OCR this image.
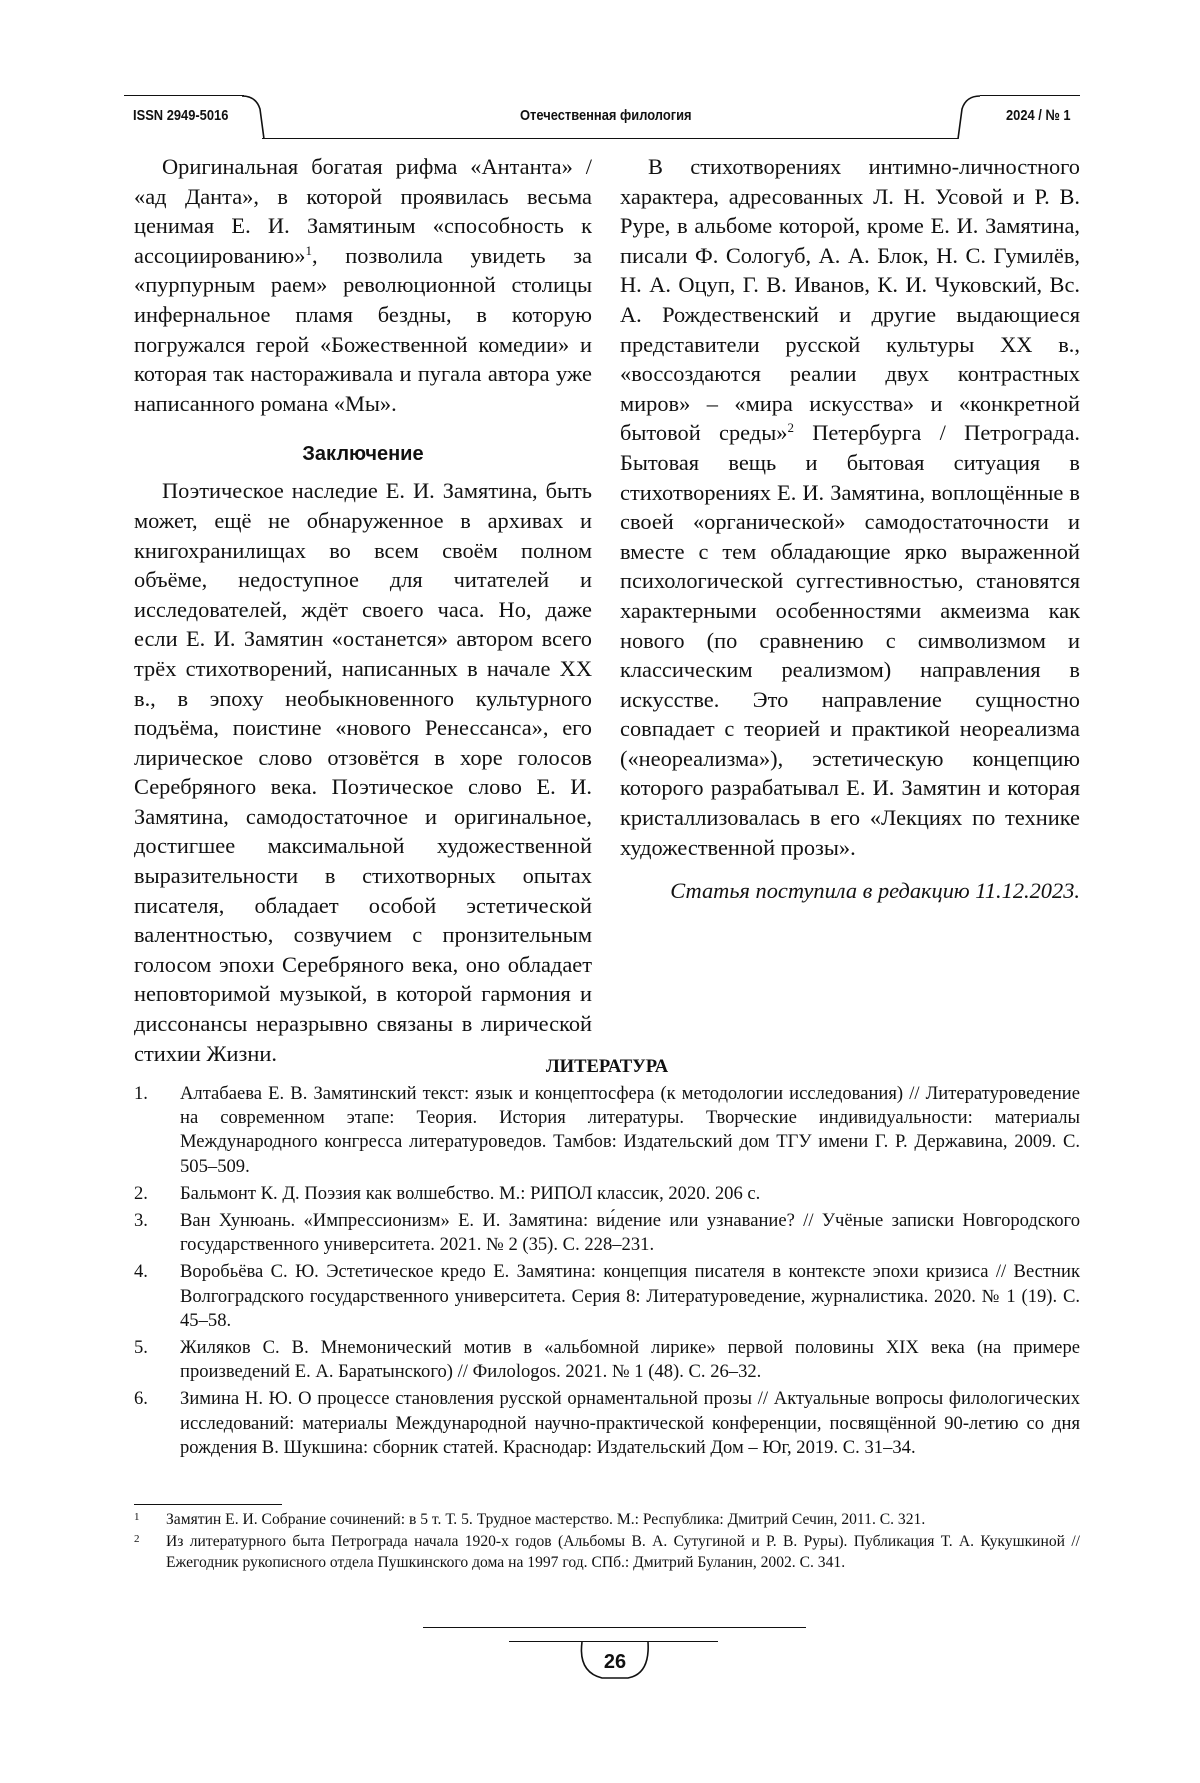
ISSN 2949-5016	Отечественная филология	2024 / № 1

Оригинальная богатая рифма «Антанта» / «ад Данта», в которой проявилась весьма ценимая Е. И. Замятиным «способность к ассоциированию»$^1$, позволила увидеть за «пурпурным раем» революционной столицы инфернальное пламя бездны, в которую погружался герой «Божественной комедии» и которая так настораживала и пугала автора уже написанного романа «Мы».

Заключение

Поэтическое наследие Е. И. Замятина, быть может, ещё не обнаруженное в архивах и книгохранилищах во всем своём полном объёме, недоступное для читателей и исследователей, ждёт своего часа. Но, даже если Е. И. Замятин «останется» автором всего трёх стихотворений, написанных в начале XX в., в эпоху необыкновенного культурного подъёма, поистине «нового Ренессанса», его лирическое слово отзовётся в хоре голосов Серебряного века. Поэтическое слово Е. И. Замятина, самодостаточное и оригинальное, достигшее максимальной художественной выразительности в стихотворных опытах писателя, обладает особой эстетической валентностью, созвучием с пронзительным голосом эпохи Серебряного века, оно обладает неповторимой музыкой, в которой гармония и диссонансы неразрывно связаны в лирической стихии Жизни.

В стихотворениях интимно-личностного характера, адресованных Л. Н. Усовой и Р. В. Руре, в альбоме которой, кроме Е. И. Замятина, писали Ф. Сологуб, А. А. Блок, Н. С. Гумилёв, Н. А. Оцуп, Г. В. Иванов, К. И. Чуковский, Вс. А. Рождественский и другие выдающиеся представители русской культуры XX в., «воссоздаются реалии двух контрастных миров» – «мира искусства» и «конкретной бытовой среды»$^2$ Петербурга / Петрограда. Бытовая вещь и бытовая ситуация в стихотворениях Е. И. Замятина, воплощённые в своей «органической» самодостаточности и вместе с тем обладающие ярко выраженной психологической суггестивностью, становятся характерными особенностями акмеизма как нового (по сравнению с символизмом и классическим реализмом) направления в искусстве. Это направление сущностно совпадает с теорией и практикой неореализма («неореализма»), эстетическую концепцию которого разрабатывал Е. И. Замятин и которая кристаллизовалась в его «Лекциях по технике художественной прозы».

Статья поступила в редакцию 11.12.2023.

ЛИТЕРАТУРА
1. Алтабаева Е. В. Замятинский текст: язык и концептосфера (к методологии исследования) // Литературоведение на современном этапе: Теория. История литературы. Творческие индивидуальности: материалы Международного конгресса литературоведов. Тамбов: Издательский дом ТГУ имени Г. Р. Державина, 2009. С. 505–509.
2. Бальмонт К. Д. Поэзия как волшебство. М.: РИПОЛ классик, 2020. 206 с.
3. Ван Хунюань. «Импрессионизм» Е. И. Замятина: ви́дение или узнавание? // Учёные записки Новгородского государственного университета. 2021. № 2 (35). С. 228–231.
4. Воробьёва С. Ю. Эстетическое кредо Е. Замятина: концепция писателя в контексте эпохи кризиса // Вестник Волгоградского государственного университета. Серия 8: Литературоведение, журналистика. 2020. № 1 (19). С. 45–58.
5. Жиляков С. В. Мнемонический мотив в «альбомной лирике» первой половины XIX века (на примере произведений Е. А. Баратынского) // Филоlogos. 2021. № 1 (48). С. 26–32.
6. Зимина Н. Ю. О процессе становления русской орнаментальной прозы // Актуальные вопросы филологических исследований: материалы Международной научно-практической конференции, посвящённой 90-летию со дня рождения В. Шукшина: сборник статей. Краснодар: Издательский Дом – Юг, 2019. С. 31–34.
1 Замятин Е. И. Собрание сочинений: в 5 т. Т. 5. Трудное мастерство. М.: Республика: Дмитрий Сечин, 2011. С. 321.
2 Из литературного быта Петрограда начала 1920-х годов (Альбомы В. А. Сутугиной и Р. В. Руры). Публикация Т. А. Кукушкиной // Ежегодник рукописного отдела Пушкинского дома на 1997 год. СПб.: Дмитрий Буланин, 2002. С. 341.
26
